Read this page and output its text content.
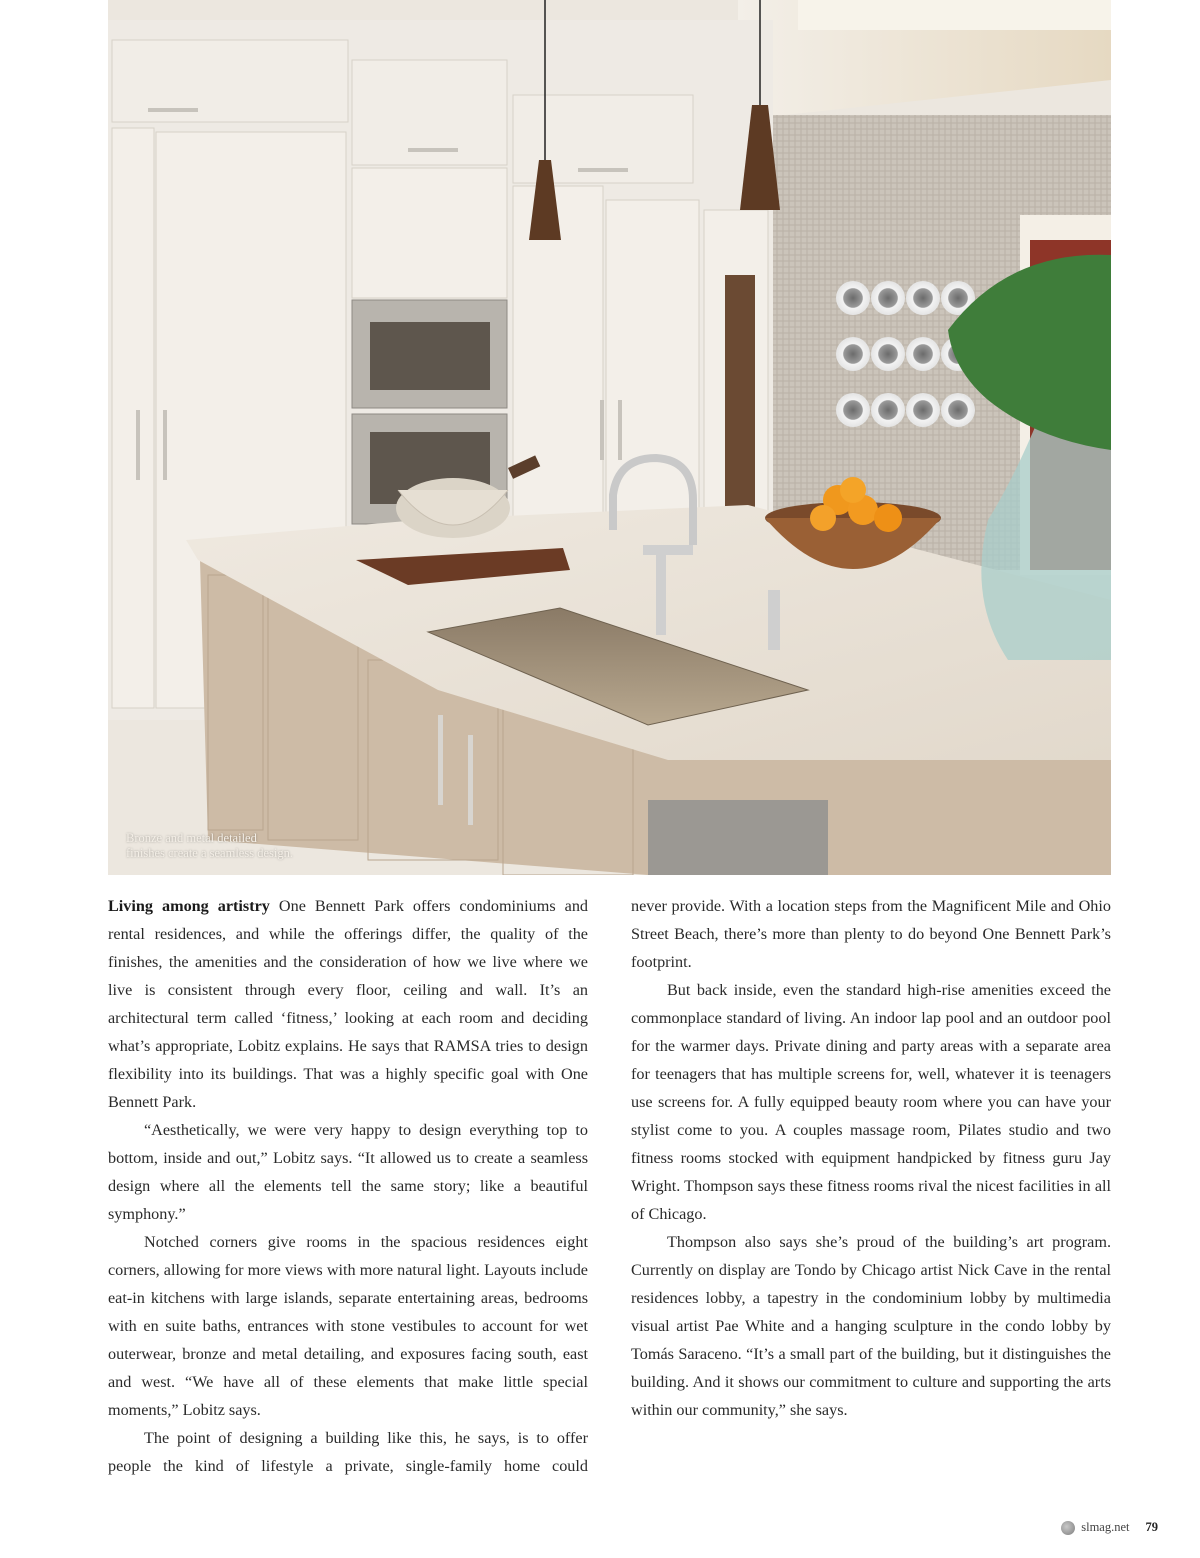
Bronze and metal detailed
finishes create a seamless design.

Living among artistry One Bennett Park offers condominiums and rental residences, and while the offerings differ, the quality of the finishes, the amenities and the consideration of how we live where we live is consistent through every floor, ceiling and wall. It’s an architectural term called ‘fitness,’ looking at each room and deciding what’s appropriate, Lobitz explains. He says that RAMSA tries to design flexibility into its buildings. That was a highly specific goal with One Bennett Park.

“Aesthetically, we were very happy to design everything top to bottom, inside and out,” Lobitz says. “It allowed us to create a seamless design where all the elements tell the same story; like a beautiful symphony.”

Notched corners give rooms in the spacious residences eight corners, allowing for more views with more natural light. Layouts include eat-in kitchens with large islands, separate entertaining areas, bedrooms with en suite baths, entrances with stone vestibules to account for wet outerwear, bronze and metal detailing, and exposures facing south, east and west. “We have all of these elements that make little special moments,” Lobitz says.

The point of designing a building like this, he says, is to offer people the kind of lifestyle a private, single-family home could

never provide. With a location steps from the Magnificent Mile and Ohio Street Beach, there’s more than plenty to do beyond One Bennett Park’s footprint.

But back inside, even the standard high-rise amenities exceed the commonplace standard of living. An indoor lap pool and an outdoor pool for the warmer days. Private dining and party areas with a separate area for teenagers that has multiple screens for, well, whatever it is teenagers use screens for. A fully equipped beauty room where you can have your stylist come to you. A couples massage room, Pilates studio and two fitness rooms stocked with equipment handpicked by fitness guru Jay Wright. Thompson says these fitness rooms rival the nicest facilities in all of Chicago.

Thompson also says she’s proud of the building’s art program. Currently on display are Tondo by Chicago artist Nick Cave in the rental residences lobby, a tapestry in the condominium lobby by multimedia visual artist Pae White and a hanging sculpture in the condo lobby by Tomás Saraceno. “It’s a small part of the building, but it distinguishes the building. And it shows our commitment to culture and supporting the arts within our community,” she says.

slmag.net 79
